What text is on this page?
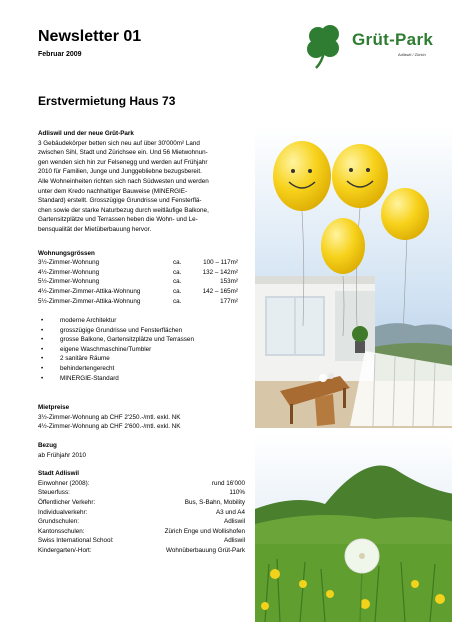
Newsletter 01
Februar 2009
Grüt-Park
Adliswil / Zürich
Erstvermietung Haus 73
Adliswil und der neue Grüt-Park

3 Gebäudekörper betten sich neu auf über 30'000m² Land

zwischen Sihl, Stadt und Zürichsee ein. Und 56 Mietwohnun-

gen wenden sich hin zur Felsenegg und werden auf Frühjahr

2010 für Familien, Junge und Junggebliebne bezugsbereit.

Alle Wohneinheiten richten sich nach Südwesten und werden

unter dem Kredo nachhaltiger Bauweise (MINERGIE-

Standard) erstellt. Grosszügige Grundrisse und Fensterflä-

chen sowie der starke Naturbezug durch weitläufige Balkone,

Gartensitzplätze und Terrassen heben die Wohn- und Le-

bensqualität der Mietüberbauung hervor.

Wohnungsgrössen
3½-Zimmer-Wohnung	ca.	100 – 117m²
4½-Zimmer-Wohnung	ca.	132 – 142m²
5½-Zimmer-Wohnung	ca.	153m²
4½-Zimmer-Zimmer-Attika-Wohnung	ca.	142 – 165m²
5½-Zimmer-Zimmer-Attika-Wohnung	ca.	177m²
• moderne Architektur
• grosszügige Grundrisse und Fensterflächen
• grosse Balkone, Gartensitzplätze und Terrassen
• eigene Waschmaschine/Tumbler
• 2 sanitäre Räume
• behindertengerecht
• MINERGIE-Standard
Mietpreise
3½-Zimmer-Wohnung ab CHF 2'250.-/mtl. exkl. NK
4½-Zimmer-Wohnung ab CHF 2'600.-/mtl. exkl. NK
Bezug
ab Frühjahr 2010
Stadt Adliswil
Einwohner (2008):	rund 16'000
Steuerfuss:	110%
Öffentlicher Verkehr:	Bus, S-Bahn, Mobility
Individualverkehr:	A3 und A4
Grundschulen:	Adliswil
Kantonsschulen:	Zürich Enge und Wollishofen
Swiss International School:	Adliswil
Kindergarten/-Hort:	Wohnüberbauung Grüt-Park
